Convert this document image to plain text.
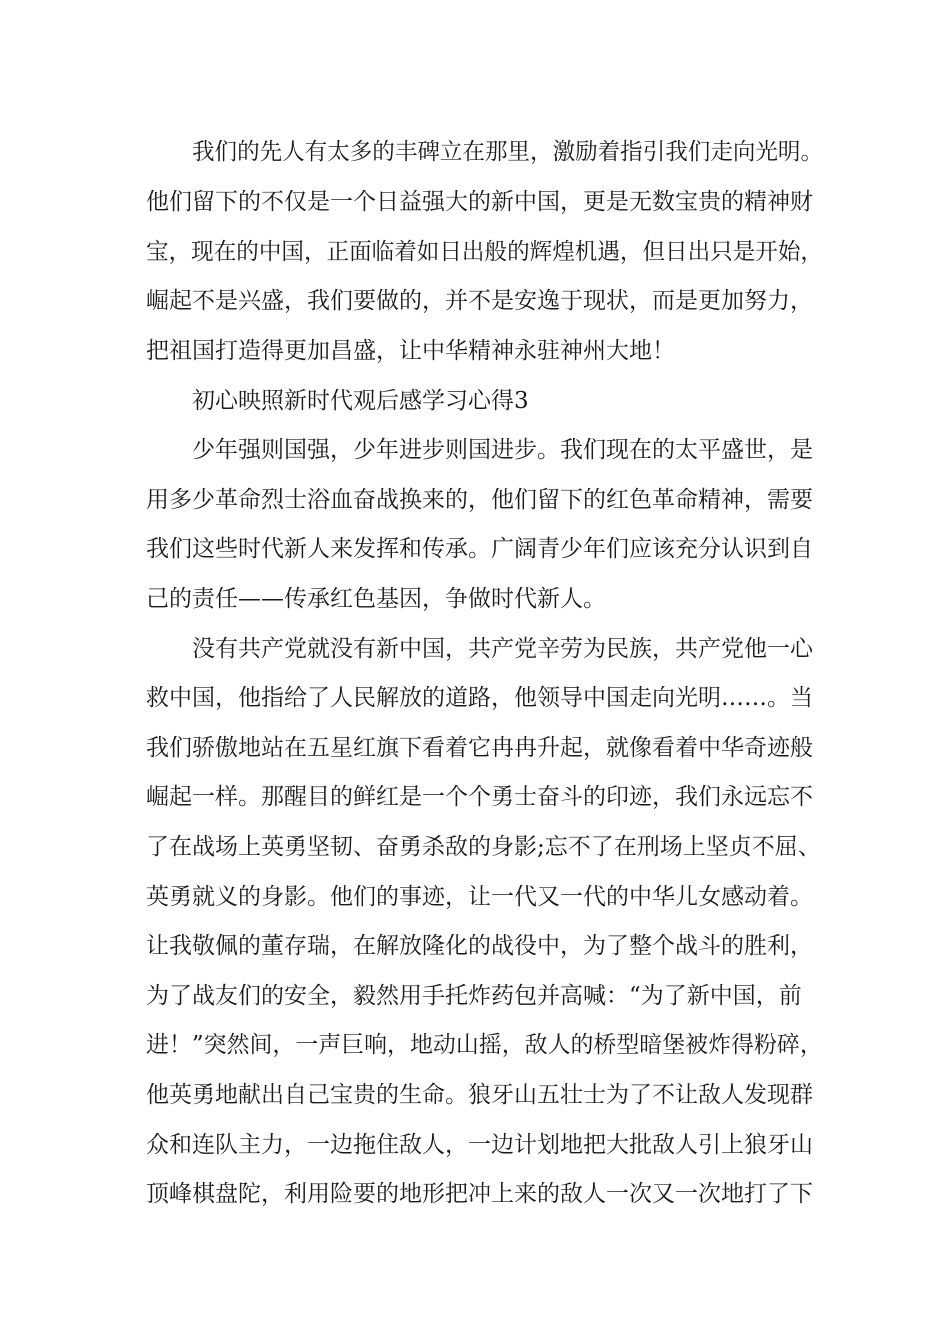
我们的先人有太多的丰碑立在那里，激励着指引我们走向光明。

他们留下的不仅是一个日益强大的新中国，更是无数宝贵的精神财

宝，现在的中国，正面临着如日出般的辉煌机遇，但日出只是开始，

崛起不是兴盛，我们要做的，并不是安逸于现状，而是更加努力，

把祖国打造得更加昌盛，让中华精神永驻神州大地！

初心映照新时代观后感学习心得3

少年强则国强，少年进步则国进步。我们现在的太平盛世，是

用多少革命烈士浴血奋战换来的，他们留下的红色革命精神，需要

我们这些时代新人来发挥和传承。广阔青少年们应该充分认识到自

己的责任——传承红色基因，争做时代新人。

没有共产党就没有新中国，共产党辛劳为民族，共产党他一心

救中国，他指给了人民解放的道路，他领导中国走向光明……。当

我们骄傲地站在五星红旗下看着它冉冉升起，就像看着中华奇迹般

崛起一样。那醒目的鲜红是一个个勇士奋斗的印迹，我们永远忘不

了在战场上英勇坚韧、奋勇杀敌的身影;忘不了在刑场上坚贞不屈、

英勇就义的身影。他们的事迹，让一代又一代的中华儿女感动着。

让我敬佩的董存瑞，在解放隆化的战役中，为了整个战斗的胜利，

为了战友们的安全，毅然用手托炸药包并高喊：“为了新中国，前

进！”突然间，一声巨响，地动山摇，敌人的桥型暗堡被炸得粉碎，

他英勇地献出自己宝贵的生命。狼牙山五壮士为了不让敌人发现群

众和连队主力，一边拖住敌人，一边计划地把大批敌人引上狼牙山

顶峰棋盘陀，利用险要的地形把冲上来的敌人一次又一次地打了下
